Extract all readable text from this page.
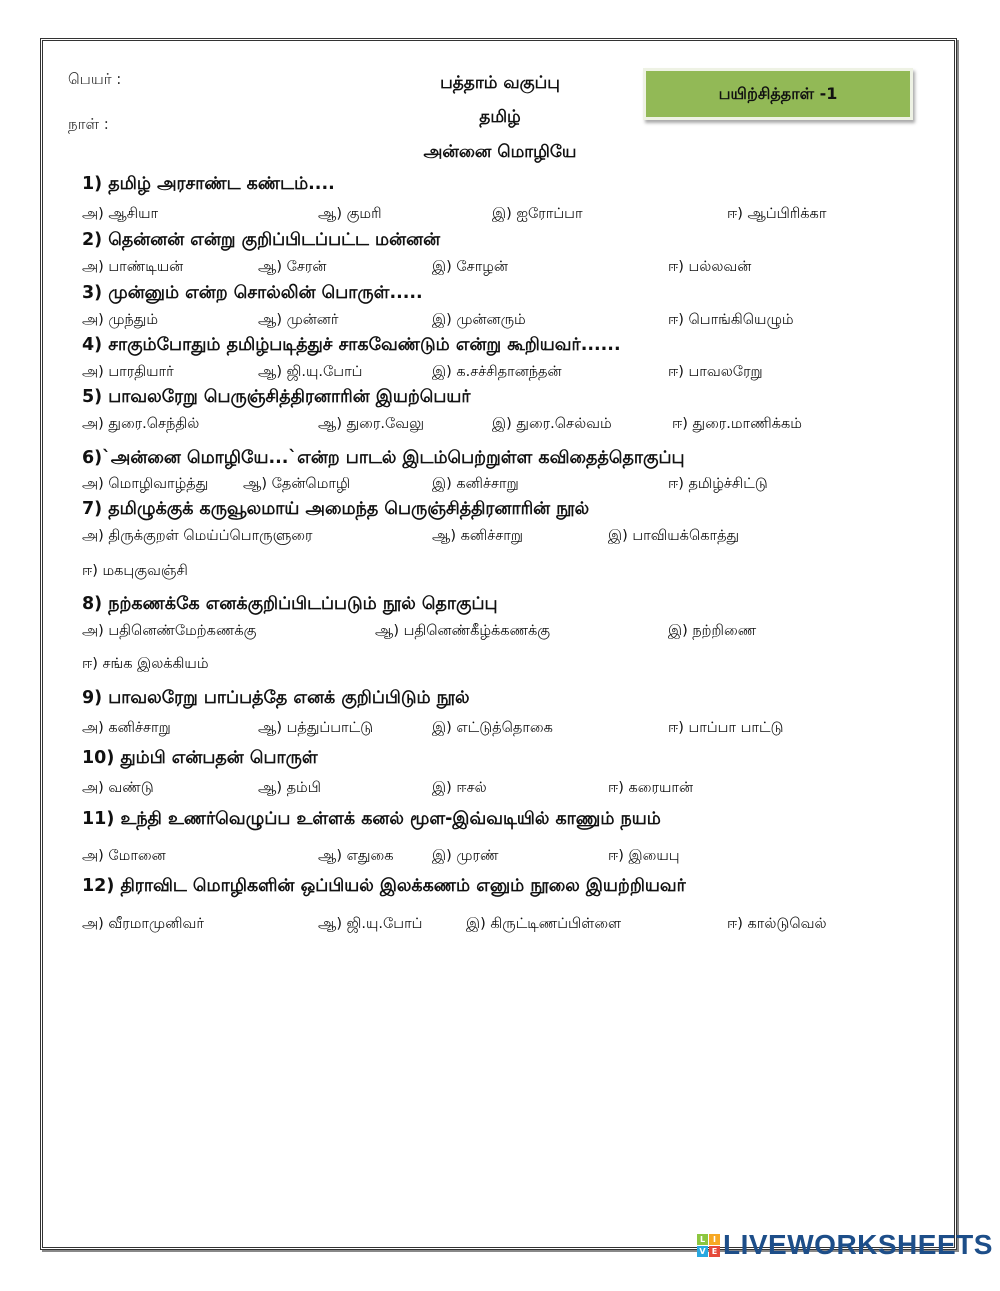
பெயர் :
நாள் :
பத்தாம் வகுப்பு
தமிழ்
அன்னை மொழியே
பயிற்சித்தாள் -1
1) தமிழ் அரசாண்ட கண்டம்....
அ) ஆசியா	ஆ) குமரி	இ) ஐரோப்பா	ஈ) ஆப்பிரிக்கா
2) தென்னன் என்று குறிப்பிடப்பட்ட மன்னன்
அ) பாண்டியன்	ஆ) சேரன்	இ) சோழன்	ஈ) பல்லவன்
3) முன்னும் என்ற சொல்லின் பொருள்.....
அ) முந்தும்	ஆ) முன்னர்	இ) முன்னரும்	ஈ) பொங்கியெழும்
4) சாகும்போதும் தமிழ்படித்துச் சாகவேண்டும் என்று கூறியவர்......
அ) பாரதியார்	ஆ) ஜி.யு.போப்	இ) க.சச்சிதானந்தன்	ஈ) பாவலரேறு
5) பாவலரேறு பெருஞ்சித்திரனாரின் இயற்பெயர்
அ) துரை.செந்தில்	ஆ) துரை.வேலு	இ) துரை.செல்வம்	ஈ) துரை.மாணிக்கம்
6)`அன்னை மொழியே...`என்ற பாடல் இடம்பெற்றுள்ள கவிதைத்தொகுப்பு
அ) மொழிவாழ்த்து ஆ) தேன்மொழி	இ) கனிச்சாறு	ஈ) தமிழ்ச்சிட்டு
7) தமிழுக்குக் கருவூலமாய் அமைந்த பெருஞ்சித்திரனாரின் நூல்
அ) திருக்குறள் மெய்ப்பொருளுரை	ஆ) கனிச்சாறு	இ) பாவியக்கொத்து
ஈ) மகபுகுவஞ்சி
8) நற்கணக்கே எனக்குறிப்பிடப்படும் நூல் தொகுப்பு
அ) பதினெண்மேற்கணக்கு	ஆ) பதினெண்கீழ்க்கணக்கு	இ) நற்றிணை
ஈ) சங்க இலக்கியம்
9) பாவலரேறு பாப்பத்தே எனக் குறிப்பிடும் நூல்
அ) கனிச்சாறு	ஆ) பத்துப்பாட்டு	இ) எட்டுத்தொகை	ஈ) பாப்பா பாட்டு
10) தும்பி என்பதன் பொருள்
அ) வண்டு	ஆ) தம்பி	இ) ஈசல்	ஈ) கரையான்
11) உந்தி உணர்வெழுப்ப உள்ளக் கனல் மூள-இவ்வடியில் காணும் நயம்
அ) மோனை	ஆ) எதுகை	இ) முரண்	ஈ) இயைபு
12) திராவிட மொழிகளின் ஒப்பியல் இலக்கணம் எனும் நூலை இயற்றியவர்
அ) வீரமாமுனிவர்	ஆ) ஜி.யு.போப்	இ) கிருட்டிணப்பிள்ளை	ஈ) கால்டுவெல்
L I
V E LIVEWORKSHEETS
